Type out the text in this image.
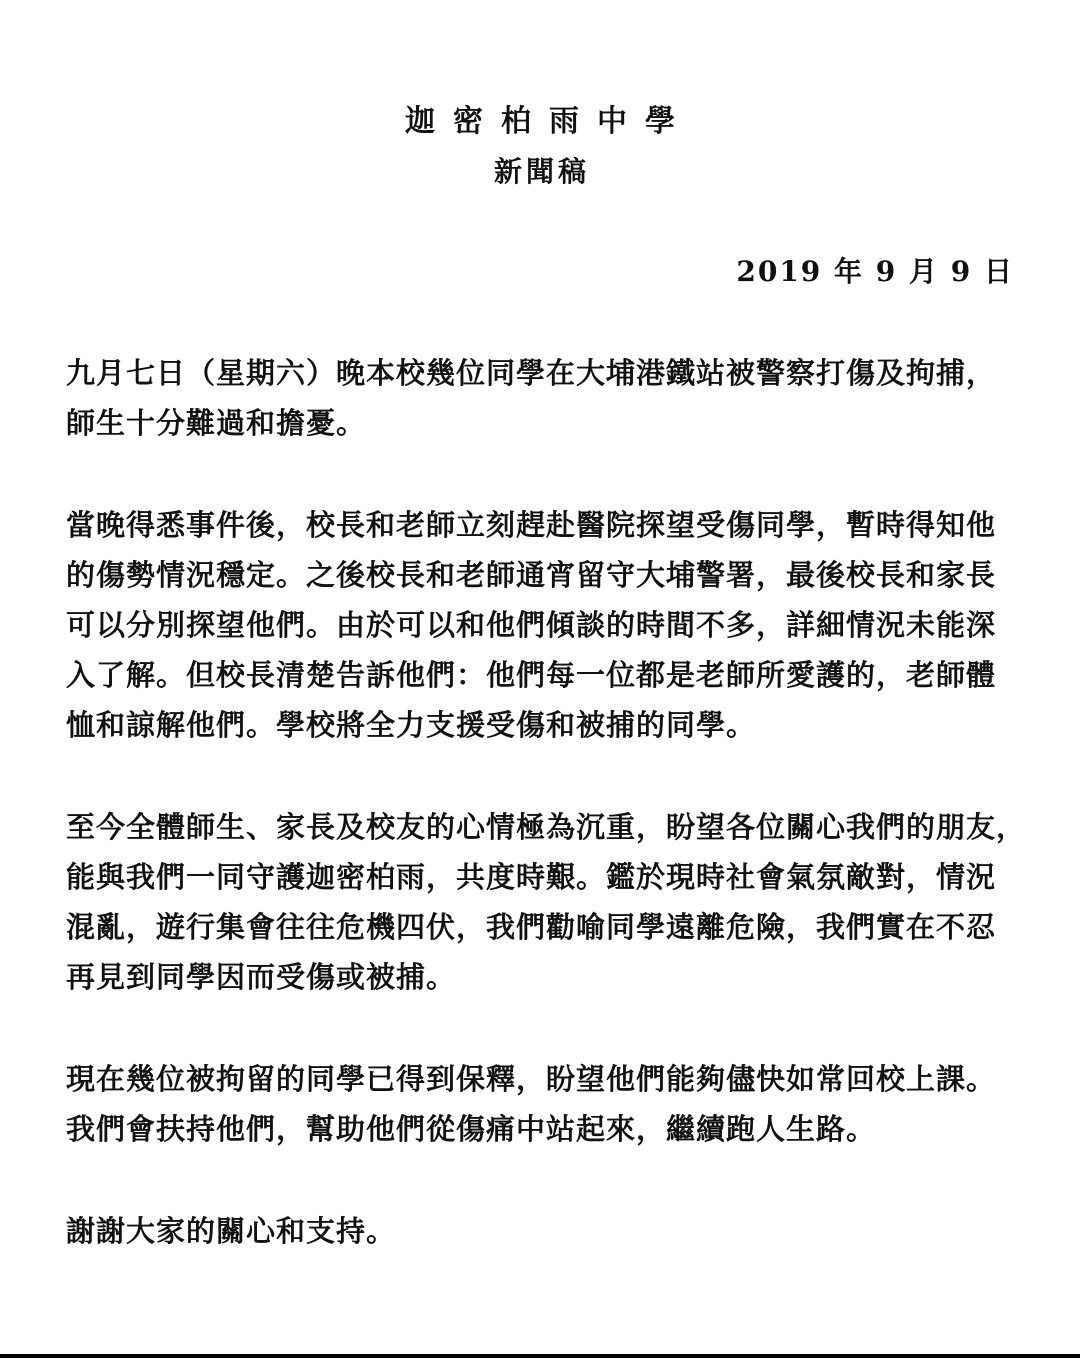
迦密柏雨中學
新聞稿
2019 年 9 月 9 日

九月七日（星期六）晚本校幾位同學在大埔港鐵站被警察打傷及拘捕，
師生十分難過和擔憂。

當晚得悉事件後，校長和老師立刻趕赴醫院探望受傷同學，暫時得知他
的傷勢情況穩定。之後校長和老師通宵留守大埔警署，最後校長和家長
可以分別探望他們。由於可以和他們傾談的時間不多，詳細情況未能深
入了解。但校長清楚告訴他們：他們每一位都是老師所愛護的，老師體
恤和諒解他們。學校將全力支援受傷和被捕的同學。

至今全體師生、家長及校友的心情極為沉重，盼望各位關心我們的朋友，
能與我們一同守護迦密柏雨，共度時艱。鑑於現時社會氣氛敵對，情況
混亂，遊行集會往往危機四伏，我們勸喻同學遠離危險，我們實在不忍
再見到同學因而受傷或被捕。

現在幾位被拘留的同學已得到保釋，盼望他們能夠儘快如常回校上課。
我們會扶持他們，幫助他們從傷痛中站起來，繼續跑人生路。

謝謝大家的關心和支持。
